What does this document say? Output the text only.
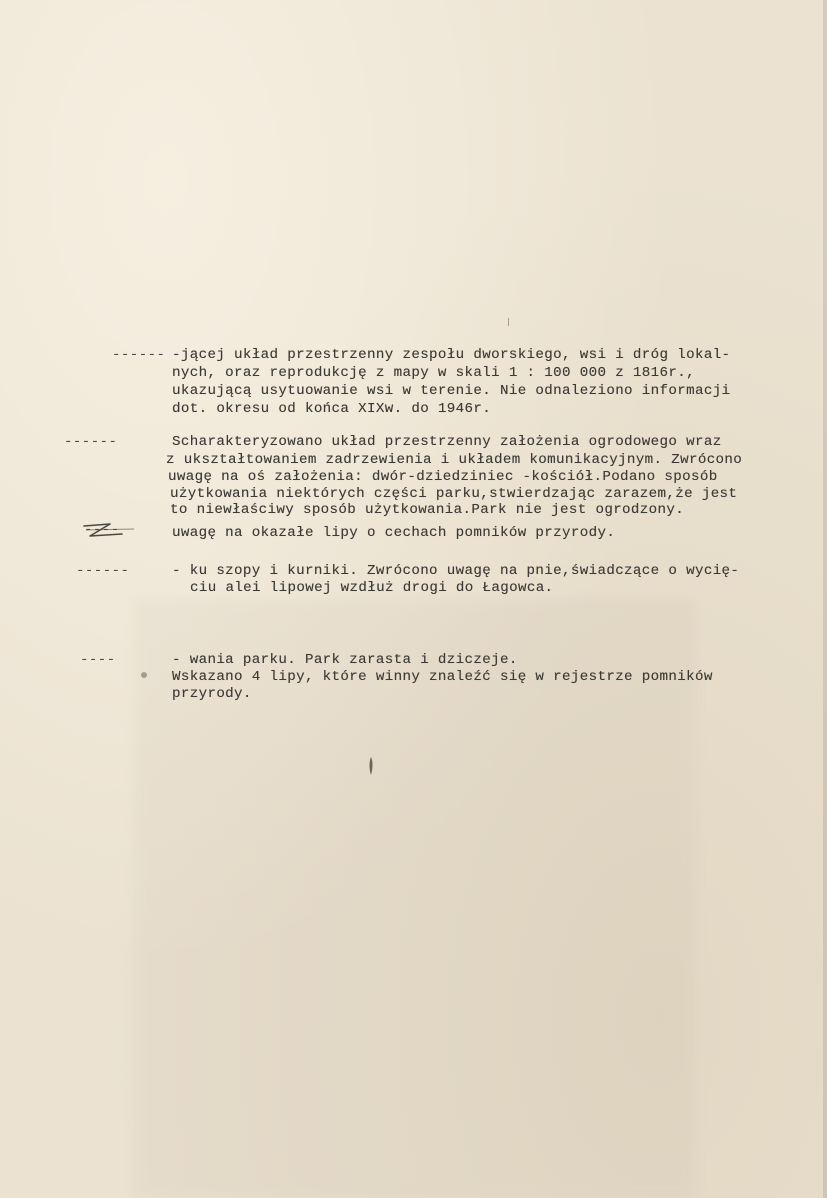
------
------
----
------
----
-jącej układ przestrzenny zespołu dworskiego, wsi i dróg lokal-
nych, oraz reprodukcję z mapy w skali 1 : 100 000 z 1816r.,
ukazującą usytuowanie wsi w terenie. Nie odnaleziono informacji
dot. okresu od końca XIXw. do 1946r.
Scharakteryzowano układ przestrzenny założenia ogrodowego wraz
z ukształtowaniem zadrzewienia i układem komunikacyjnym. Zwrócono
uwagę na oś założenia: dwór-dziedziniec -kościół.Podano sposób
użytkowania niektórych części parku,stwierdzając zarazem,że jest
to niewłaściwy sposób użytkowania.Park nie jest ogrodzony.
uwagę na okazałe lipy o cechach pomników przyrody.
- ku szopy i kurniki. Zwrócono uwagę na pnie,świadczące o wycię-
ciu alei lipowej wzdłuż drogi do Łagowca.
- wania parku. Park zarasta i dziczeje.
Wskazano 4 lipy, które winny znaleźć się w rejestrze pomników
przyrody.
